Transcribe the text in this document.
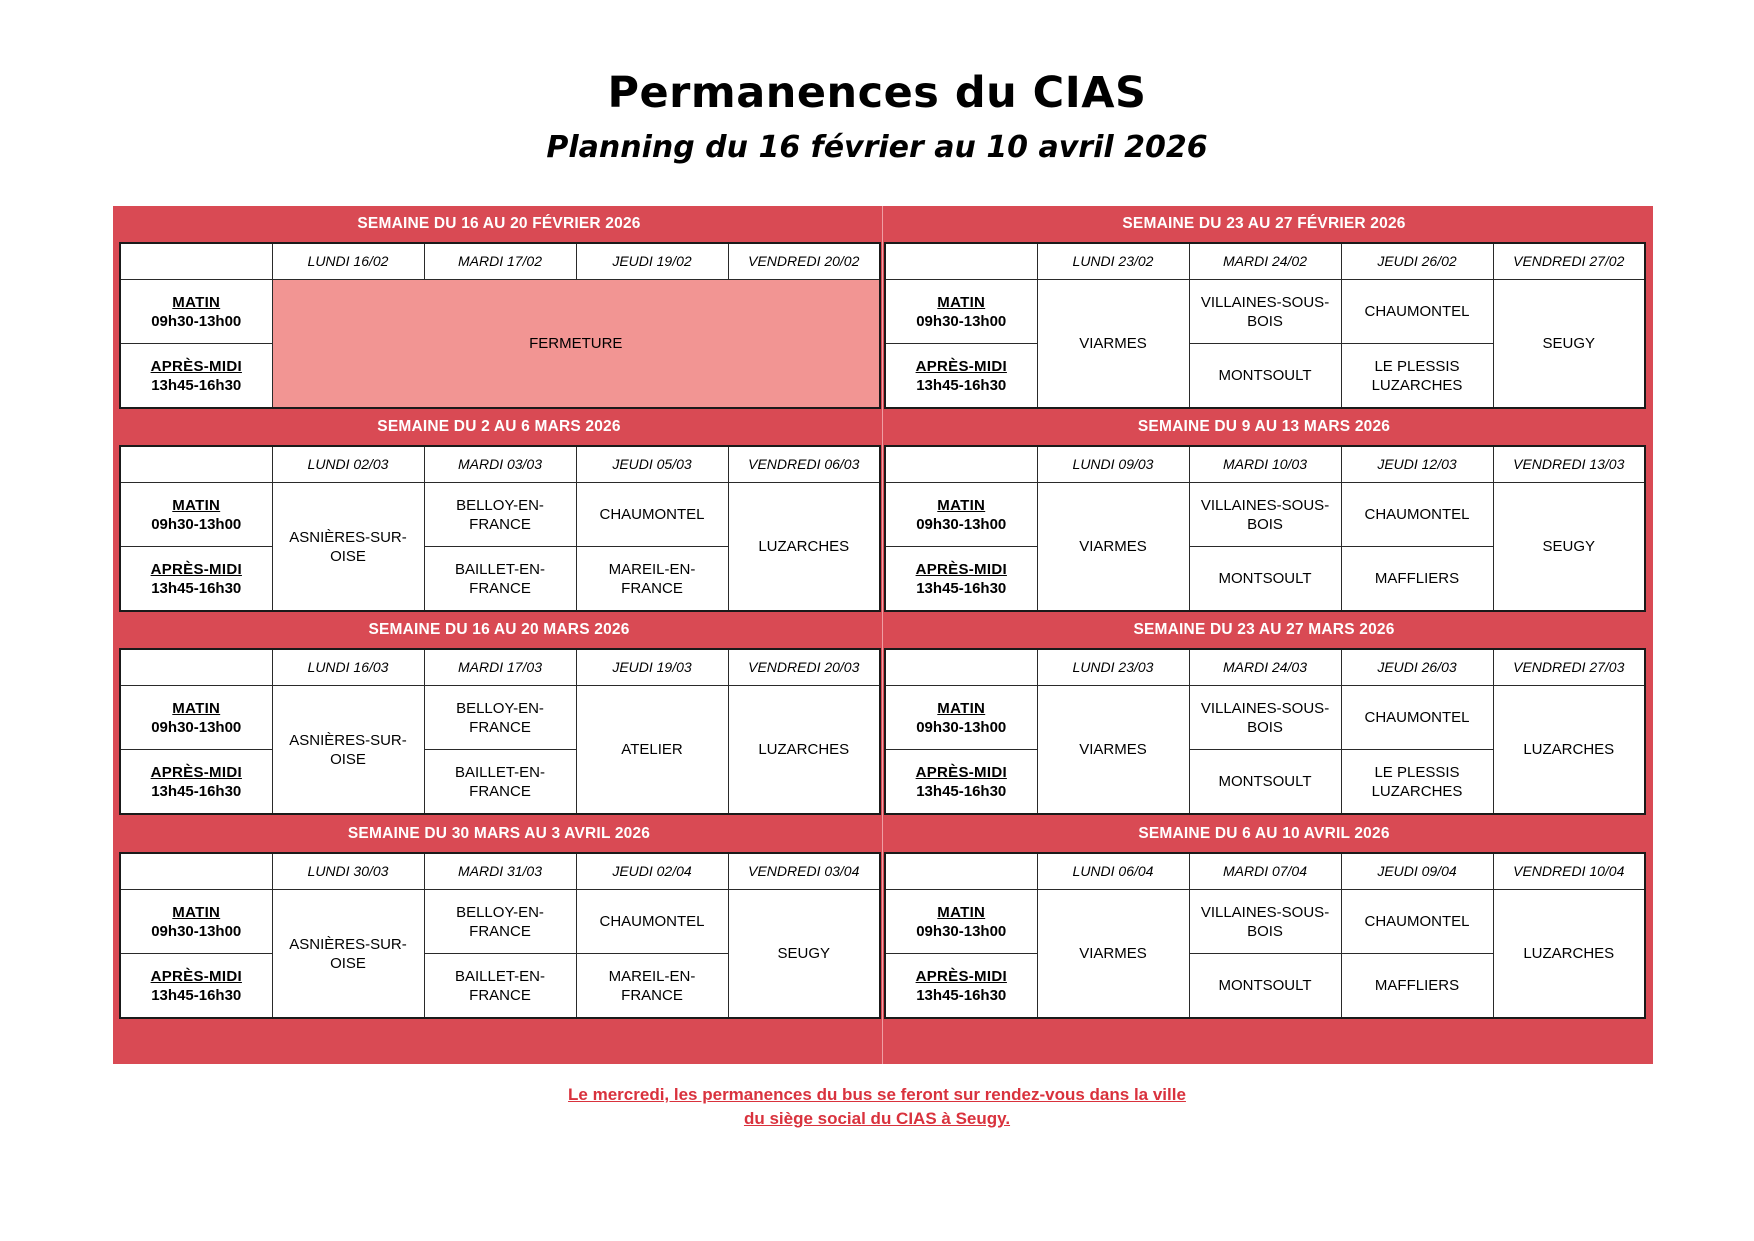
Permanences du CIAS
Planning du 16 février au 10 avril 2026
SEMAINE DU 16 AU 20 FÉVRIER 2026
	LUNDI 16/02	MARDI 17/02	JEUDI 19/02	VENDREDI 20/02

MATIN
09h30-13h00	FERMETURE			

APRÈS-MIDI
13h45-16h30				
SEMAINE DU 23 AU 27 FÉVRIER 2026
	LUNDI 23/02	MARDI 24/02	JEUDI 26/02	VENDREDI 27/02

MATIN
09h30-13h00	VIARMES	VILLAINES-SOUS-BOIS	CHAUMONTEL	SEUGY

APRÈS-MIDI
13h45-16h30		MONTSOULT	LE PLESSIS LUZARCHES	
SEMAINE DU 2 AU 6 MARS 2026
	LUNDI 02/03	MARDI 03/03	JEUDI 05/03	VENDREDI 06/03

MATIN
09h30-13h00	ASNIÈRES-SUR-OISE	BELLOY-EN-FRANCE	CHAUMONTEL	LUZARCHES

APRÈS-MIDI
13h45-16h30		BAILLET-EN-FRANCE	MAREIL-EN-FRANCE	
SEMAINE DU 9 AU 13 MARS 2026
	LUNDI 09/03	MARDI 10/03	JEUDI 12/03	VENDREDI 13/03

MATIN
09h30-13h00	VIARMES	VILLAINES-SOUS-BOIS	CHAUMONTEL	SEUGY

APRÈS-MIDI
13h45-16h30		MONTSOULT	MAFFLIERS	
SEMAINE DU 16 AU 20 MARS 2026
	LUNDI 16/03	MARDI 17/03	JEUDI 19/03	VENDREDI 20/03

MATIN
09h30-13h00	ASNIÈRES-SUR-OISE	BELLOY-EN-FRANCE	ATELIER	LUZARCHES

APRÈS-MIDI
13h45-16h30		BAILLET-EN-FRANCE		
SEMAINE DU 23 AU 27 MARS 2026
	LUNDI 23/03	MARDI 24/03	JEUDI 26/03	VENDREDI 27/03

MATIN
09h30-13h00	VIARMES	VILLAINES-SOUS-BOIS	CHAUMONTEL	LUZARCHES

APRÈS-MIDI
13h45-16h30		MONTSOULT	LE PLESSIS LUZARCHES	
SEMAINE DU 30 MARS AU 3 AVRIL 2026
	LUNDI 30/03	MARDI 31/03	JEUDI 02/04	VENDREDI 03/04

MATIN
09h30-13h00	ASNIÈRES-SUR-OISE	BELLOY-EN-FRANCE	CHAUMONTEL	SEUGY

APRÈS-MIDI
13h45-16h30		BAILLET-EN-FRANCE	MAREIL-EN-FRANCE	
SEMAINE DU 6 AU 10 AVRIL 2026
	LUNDI 06/04	MARDI 07/04	JEUDI 09/04	VENDREDI 10/04

MATIN
09h30-13h00	VIARMES	VILLAINES-SOUS-BOIS	CHAUMONTEL	LUZARCHES

APRÈS-MIDI
13h45-16h30		MONTSOULT	MAFFLIERS	

Le mercredi, les permanences du bus se feront sur rendez-vous dans la ville
du siège social du CIAS à Seugy.
